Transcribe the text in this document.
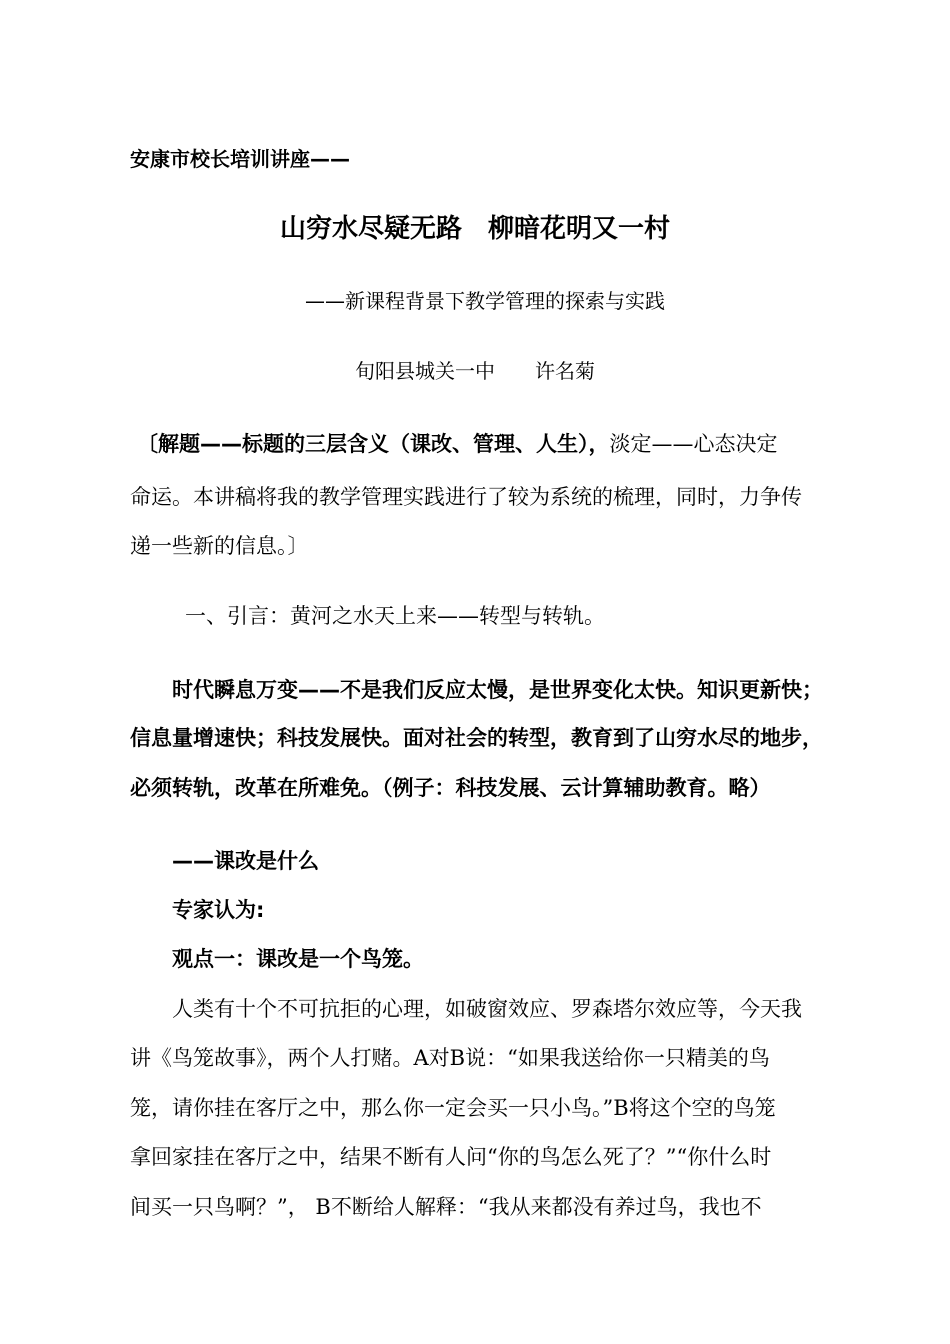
安康市校长培训讲座——
山穷水尽疑无路　柳暗花明又一村
——新课程背景下教学管理的探索与实践
旬阳县城关一中　　许名菊
〔解题——标题的三层含义（课改、管理、人生），淡定——心态决定
命运。本讲稿将我的教学管理实践进行了较为系统的梳理，同时，力争传
递一些新的信息。〕
一、引言：黄河之水天上来——转型与转轨。
时代瞬息万变——不是我们反应太慢，是世界变化太快。知识更新快；
信息量增速快；科技发展快。面对社会的转型，教育到了山穷水尽的地步，
必须转轨，改革在所难免。（例子：科技发展、云计算辅助教育。略）
——课改是什么
专家认为:
观点一：课改是一个鸟笼。
人类有十个不可抗拒的心理，如破窗效应、罗森塔尔效应等，今天我
讲《鸟笼故事》，两个人打赌。A对B说：“如果我送给你一只精美的鸟
笼，请你挂在客厅之中，那么你一定会买一只小鸟。”B将这个空的鸟笼
拿回家挂在客厅之中，结果不断有人问“你的鸟怎么死了？”“你什么时
间买一只鸟啊？”， B不断给人解释：“我从来都没有养过鸟，我也不
